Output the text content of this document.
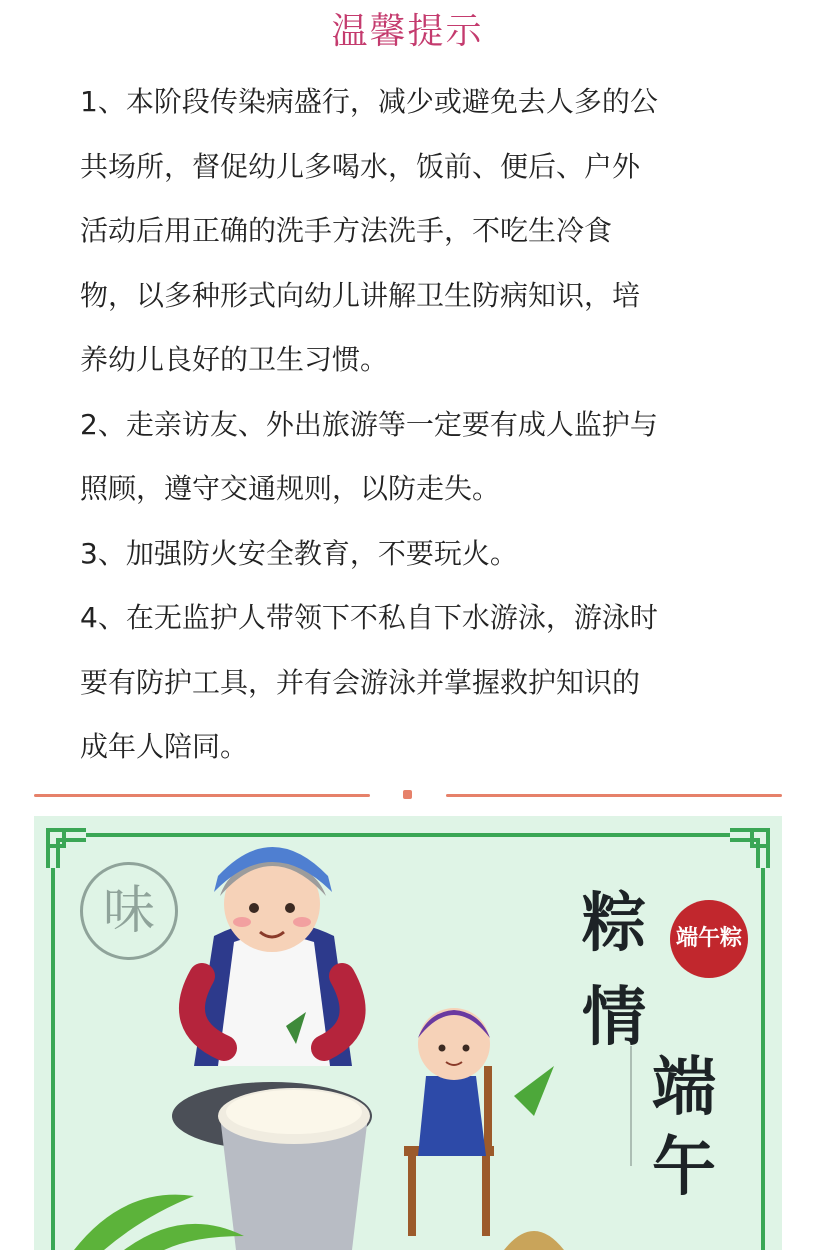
温馨提示
1、本阶段传染病盛行，减少或避免去人多的公
共场所，督促幼儿多喝水，饭前、便后、户外
活动后用正确的洗手方法洗手，不吃生冷食
物，以多种形式向幼儿讲解卫生防病知识，培
养幼儿良好的卫生习惯。
2、走亲访友、外出旅游等一定要有成人监护与
照顾，遵守交通规则，以防走失。
3、加强防火安全教育，不要玩火。
4、在无监护人带领下不私自下水游泳，游泳时
要有防护工具，并有会游泳并掌握救护知识的
成年人陪同。
味	端午粽
粽
情
端
午
